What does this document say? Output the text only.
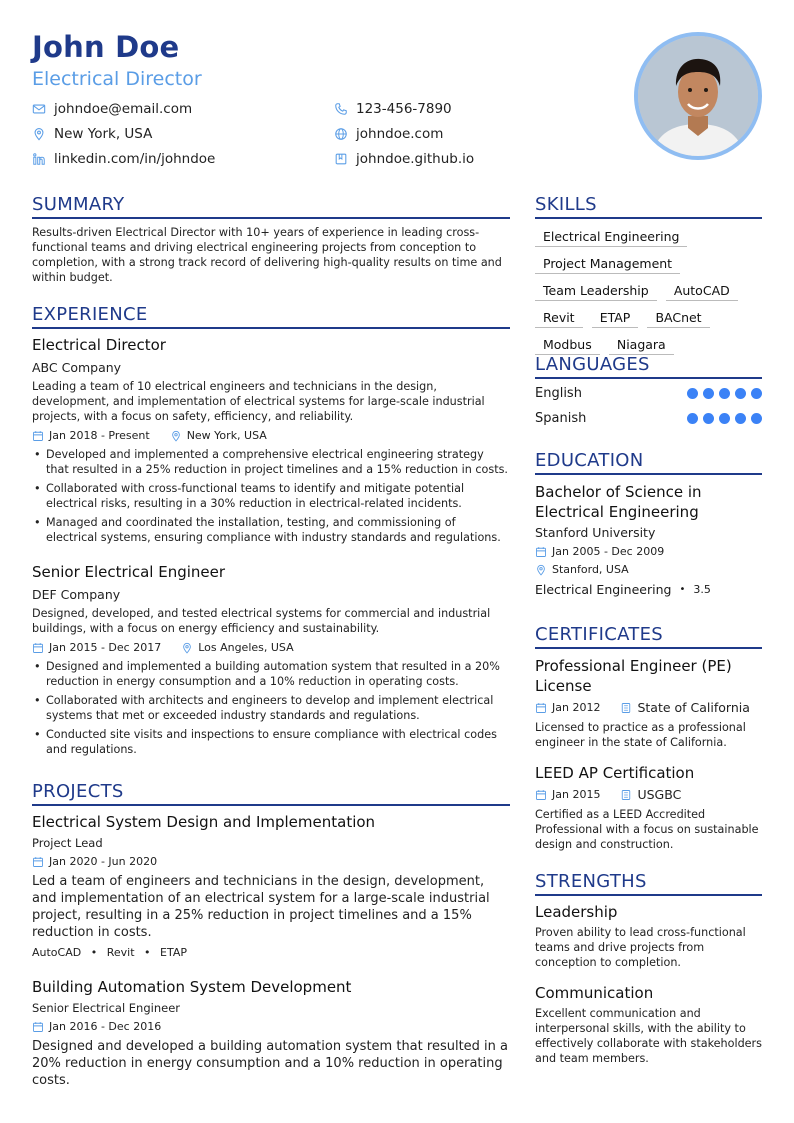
John Doe
Electrical Director
johndoe@email.com	123-456-7890
New York, USA	johndoe.com
linkedin.com/in/johndoe	johndoe.github.io
SUMMARY
Results-driven Electrical Director with 10+ years of experience in leading cross-functional teams and driving electrical engineering projects from conception to completion, with a strong track record of delivering high-quality results on time and within budget.
EXPERIENCE
Electrical Director
ABC Company
Leading a team of 10 electrical engineers and technicians in the design, development, and implementation of electrical systems for large-scale industrial projects, with a focus on safety, efficiency, and reliability.
Jan 2018 - Present	New York, USA
• Developed and implemented a comprehensive electrical engineering strategy that resulted in a 25% reduction in project timelines and a 15% reduction in costs.
• Collaborated with cross-functional teams to identify and mitigate potential electrical risks, resulting in a 30% reduction in electrical-related incidents.
• Managed and coordinated the installation, testing, and commissioning of electrical systems, ensuring compliance with industry standards and regulations.
Senior Electrical Engineer
DEF Company
Designed, developed, and tested electrical systems for commercial and industrial buildings, with a focus on energy efficiency and sustainability.
Jan 2015 - Dec 2017	Los Angeles, USA
• Designed and implemented a building automation system that resulted in a 20% reduction in energy consumption and a 10% reduction in operating costs.
• Collaborated with architects and engineers to develop and implement electrical systems that met or exceeded industry standards and regulations.
• Conducted site visits and inspections to ensure compliance with electrical codes and regulations.
PROJECTS
Electrical System Design and Implementation
Project Lead
Jan 2020 - Jun 2020
Led a team of engineers and technicians in the design, development, and implementation of an electrical system for a large-scale industrial project, resulting in a 25% reduction in project timelines and a 15% reduction in costs.
AutoCAD • Revit • ETAP
Building Automation System Development
Senior Electrical Engineer
Jan 2016 - Dec 2016
Designed and developed a building automation system that resulted in a 20% reduction in energy consumption and a 10% reduction in operating costs.
SKILLS
Electrical Engineering Project Management Team Leadership AutoCAD Revit ETAP BACnet Modbus Niagara
LANGUAGES
English
Spanish
EDUCATION
Bachelor of Science in Electrical Engineering
Stanford University
Jan 2005 - Dec 2009
Stanford, USA
Electrical Engineering • 3.5
CERTIFICATES
Professional Engineer (PE) License
Jan 2012	State of California
Licensed to practice as a professional engineer in the state of California.
LEED AP Certification
Jan 2015	USGBC
Certified as a LEED Accredited Professional with a focus on sustainable design and construction.
STRENGTHS
Leadership
Proven ability to lead cross-functional teams and drive projects from conception to completion.
Communication
Excellent communication and interpersonal skills, with the ability to effectively collaborate with stakeholders and team members.
